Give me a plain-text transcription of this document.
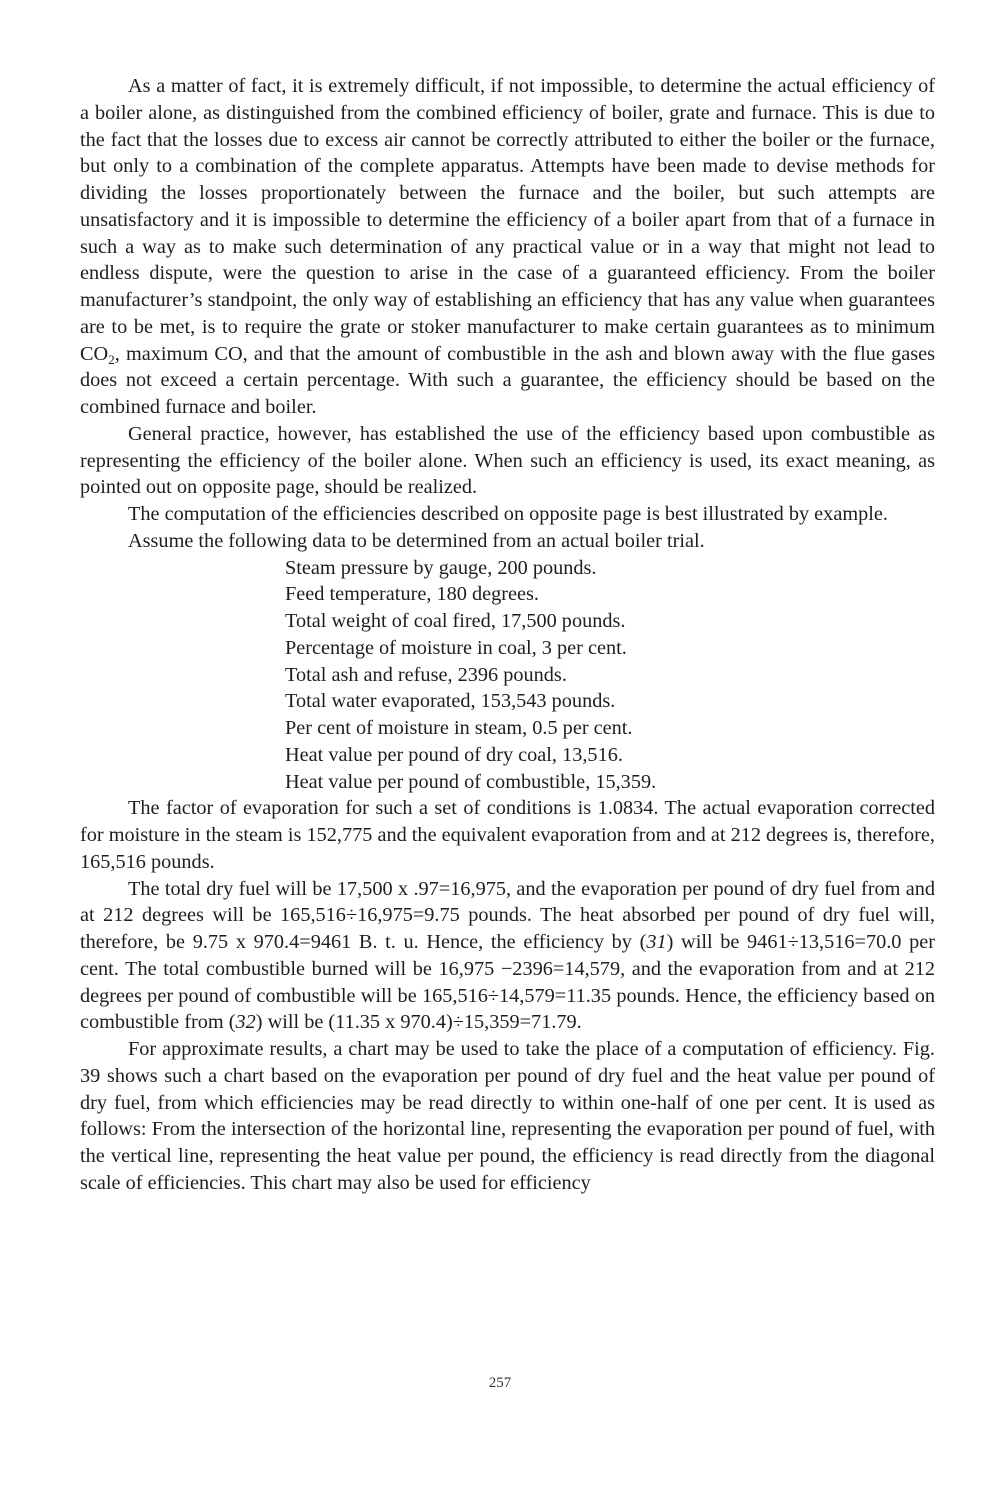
As a matter of fact, it is extremely difficult, if not impossible, to determine the actual efficiency of a boiler alone, as distinguished from the combined efficiency of boiler, grate and furnace. This is due to the fact that the losses due to excess air cannot be correctly attributed to either the boiler or the furnace, but only to a combination of the complete apparatus. Attempts have been made to devise methods for dividing the losses proportionately between the furnace and the boiler, but such attempts are unsatisfactory and it is impossible to determine the efficiency of a boiler apart from that of a furnace in such a way as to make such determination of any practical value or in a way that might not lead to endless dispute, were the question to arise in the case of a guaranteed efficiency. From the boiler manufacturer’s standpoint, the only way of establishing an efficiency that has any value when guarantees are to be met, is to require the grate or stoker manufacturer to make certain guarantees as to minimum CO2, maximum CO, and that the amount of combustible in the ash and blown away with the flue gases does not exceed a certain percentage. With such a guarantee, the efficiency should be based on the combined furnace and boiler.

General practice, however, has established the use of the efficiency based upon combustible as representing the efficiency of the boiler alone. When such an efficiency is used, its exact meaning, as pointed out on opposite page, should be realized.

The computation of the efficiencies described on opposite page is best illustrated by example.

Assume the following data to be determined from an actual boiler trial.

Steam pressure by gauge, 200 pounds.
Feed temperature, 180 degrees.
Total weight of coal fired, 17,500 pounds.
Percentage of moisture in coal, 3 per cent.
Total ash and refuse, 2396 pounds.
Total water evaporated, 153,543 pounds.
Per cent of moisture in steam, 0.5 per cent.
Heat value per pound of dry coal, 13,516.
Heat value per pound of combustible, 15,359.

The factor of evaporation for such a set of conditions is 1.0834. The actual evaporation corrected for moisture in the steam is 152,775 and the equivalent evaporation from and at 212 degrees is, therefore, 165,516 pounds.

The total dry fuel will be 17,500 x .97=16,975, and the evaporation per pound of dry fuel from and at 212 degrees will be 165,516÷16,975=9.75 pounds. The heat absorbed per pound of dry fuel will, therefore, be 9.75 x 970.4=9461 B. t. u. Hence, the efficiency by (31) will be 9461÷13,516=70.0 per cent. The total combustible burned will be 16,975 −2396=14,579, and the evaporation from and at 212 degrees per pound of combustible will be 165,516÷14,579=11.35 pounds. Hence, the efficiency based on combustible from (32) will be (11.35 x 970.4)÷15,359=71.79.

For approximate results, a chart may be used to take the place of a computation of efficiency. Fig. 39 shows such a chart based on the evaporation per pound of dry fuel and the heat value per pound of dry fuel, from which efficiencies may be read directly to within one-half of one per cent. It is used as follows: From the intersection of the horizontal line, representing the evaporation per pound of fuel, with the vertical line, representing the heat value per pound, the efficiency is read directly from the diagonal scale of efficiencies. This chart may also be used for efficiency

257
